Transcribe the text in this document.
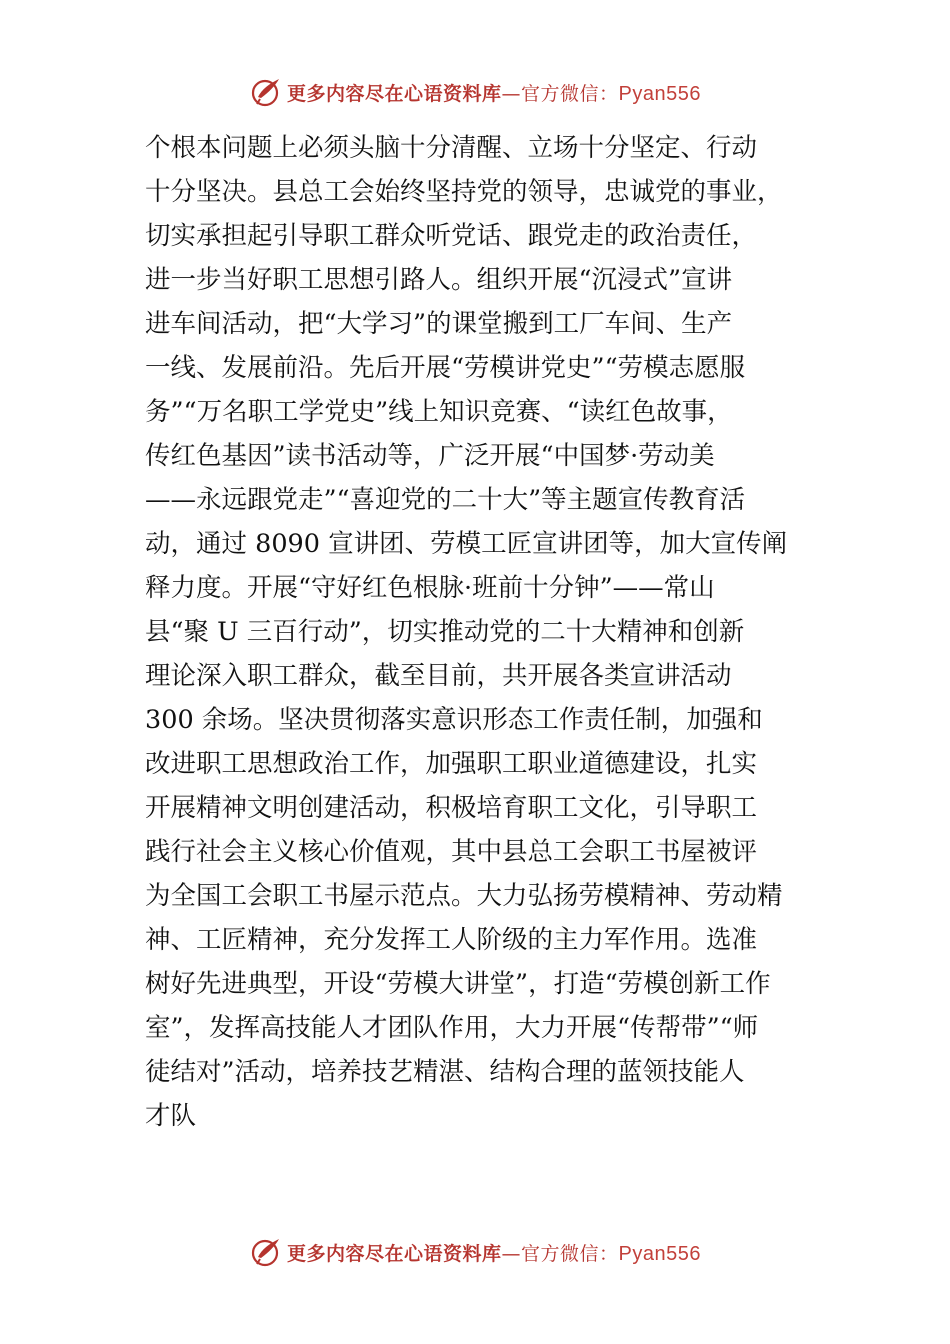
更多内容尽在心语资料库—官方微信：Pyan556
个根本问题上必须头脑十分清醒、立场十分坚定、行动
十分坚决。县总工会始终坚持党的领导，忠诚党的事业，
切实承担起引导职工群众听党话、跟党走的政治责任，
进一步当好职工思想引路人。组织开展“沉浸式”宣讲
进车间活动，把“大学习”的课堂搬到工厂车间、生产
一线、发展前沿。先后开展“劳模讲党史”“劳模志愿服
务”“万名职工学党史”线上知识竞赛、“读红色故事，
传红色基因”读书活动等，广泛开展“中国梦·劳动美
——永远跟党走”“喜迎党的二十大”等主题宣传教育活
动，通过 8090 宣讲团、劳模工匠宣讲团等，加大宣传阐
释力度。开展“守好红色根脉·班前十分钟”——常山
县“聚 U 三百行动”，切实推动党的二十大精神和创新
理论深入职工群众，截至目前，共开展各类宣讲活动
300 余场。坚决贯彻落实意识形态工作责任制，加强和
改进职工思想政治工作，加强职工职业道德建设，扎实
开展精神文明创建活动，积极培育职工文化，引导职工
践行社会主义核心价值观，其中县总工会职工书屋被评
为全国工会职工书屋示范点。大力弘扬劳模精神、劳动精
神、工匠精神，充分发挥工人阶级的主力军作用。选准
树好先进典型，开设“劳模大讲堂”，打造“劳模创新工作
室”，发挥高技能人才团队作用，大力开展“传帮带”“师
徒结对”活动，培养技艺精湛、结构合理的蓝领技能人
才队
更多内容尽在心语资料库—官方微信：Pyan556
